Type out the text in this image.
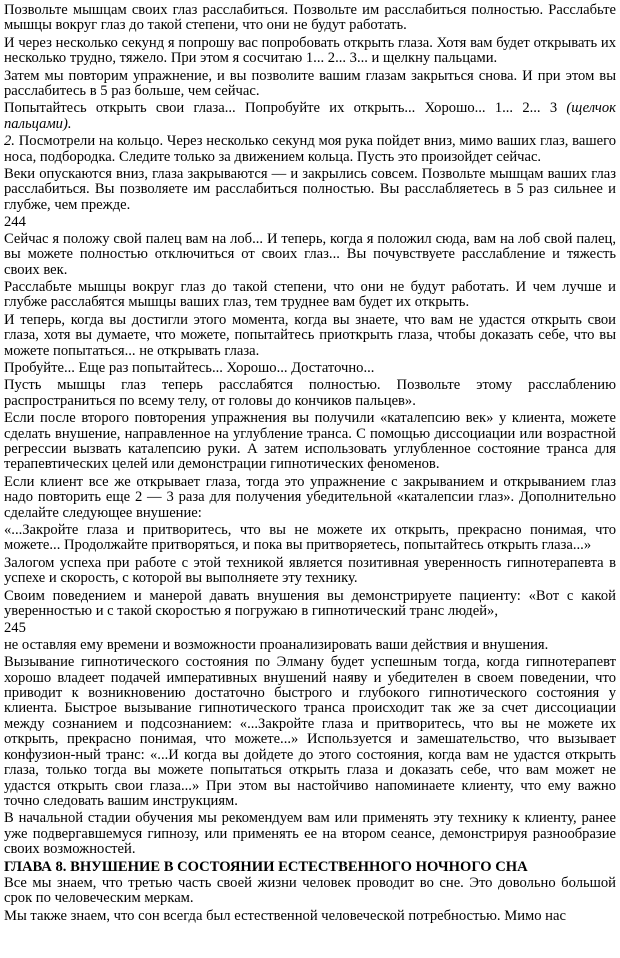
Позвольте мышцам своих глаз расслабиться. Позвольте им расслабиться полностью. Расслабьте мышцы вокруг глаз до такой степени, что они не будут работать.

И через несколько секунд я попрошу вас попробовать открыть глаза. Хотя вам будет открывать их несколько трудно, тяжело. При этом я сосчитаю 1... 2... 3... и щелкну пальцами.

Затем мы повторим упражнение, и вы позволите вашим глазам закрыться снова. И при этом вы расслабитесь в 5 раз больше, чем сейчас.

Попытайтесь открыть свои глаза... Попробуйте их открыть... Хорошо... 1... 2... 3 (щелчок пальцами).

2. Посмотрели на кольцо. Через несколько секунд моя рука пойдет вниз, мимо ваших глаз, вашего носа, подбородка. Следите только за движением кольца. Пусть это произойдет сейчас.

Веки опускаются вниз, глаза закрываются — и закрылись совсем. Позвольте мышцам ваших глаз расслабиться. Вы позволяете им расслабиться полностью. Вы расслабляетесь в 5 раз сильнее и глубже, чем прежде.

244

Сейчас я положу свой палец вам на лоб... И теперь, когда я положил сюда, вам на лоб свой палец, вы можете полностью отключиться от своих глаз... Вы почувствуете расслабление и тяжесть своих век.

Расслабьте мышцы вокруг глаз до такой степени, что они не будут работать. И чем лучше и глубже расслабятся мышцы ваших глаз, тем труднее вам будет их открыть.

И теперь, когда вы достигли этого момента, когда вы знаете, что вам не удастся открыть свои глаза, хотя вы думаете, что можете, попытайтесь приоткрыть глаза, чтобы доказать себе, что вы можете попытаться... не открывать глаза.

Пробуйте... Еще раз попытайтесь... Хорошо... Достаточно...

Пусть мышцы глаз теперь расслабятся полностью. Позвольте этому расслаблению распространиться по всему телу, от головы до кончиков пальцев».

Если после второго повторения упражнения вы получили «каталепсию век» у клиента, можете сделать внушение, направленное на углубление транса. С помощью диссоциации или возрастной регрессии вызвать каталепсию руки. А затем использовать углубленное состояние транса для терапевтических целей или демонстрации гипнотических феноменов.

Если клиент все же открывает глаза, тогда это упражнение с закрыванием и открыванием глаз надо повторить еще 2 — 3 раза для получения убедительной «каталепсии глаз». Дополнительно сделайте следующее внушение:

«...Закройте глаза и притворитесь, что вы не можете их открыть, прекрасно понимая, что можете... Продолжайте притворяться, и пока вы притворяетесь, попытайтесь открыть глаза...»

Залогом успеха при работе с этой техникой является позитивная уверенность гипнотерапевта в успехе и скорость, с которой вы выполняете эту технику.

Своим поведением и манерой давать внушения вы демонстрируете пациенту: «Вот с какой уверенностью и с такой скоростью я погружаю в гипнотический транс людей»,

245

не оставляя ему времени и возможности проанализировать ваши действия и внушения.

Вызывание гипнотического состояния по Элману будет успешным тогда, когда гипнотерапевт хорошо владеет подачей императивных внушений наяву и убедителен в своем поведении, что приводит к возникновению достаточно быстрого и глубокого гипнотического состояния у клиента. Быстрое вызывание гипнотического транса происходит так же за счет диссоциации между сознанием и подсознанием: «...Закройте глаза и притворитесь, что вы не можете их открыть, прекрасно понимая, что можете...» Используется и замешательство, что вызывает конфузион-ный транс: «...И когда вы дойдете до этого состояния, когда вам не удастся открыть глаза, только тогда вы можете попытаться открыть глаза и доказать себе, что вам может не удастся открыть свои глаза...» При этом вы настойчиво напоминаете клиенту, что ему важно точно следовать вашим инструкциям.

В начальной стадии обучения мы рекомендуем вам или применять эту технику к клиенту, ранее уже подвергавшемуся гипнозу, или применять ее на втором сеансе, демонстрируя разнообразие своих возможностей.

ГЛАВА 8. ВНУШЕНИЕ В СОСТОЯНИИ ЕСТЕСТВЕННОГО НОЧНОГО СНА

Все мы знаем, что третью часть своей жизни человек проводит во сне. Это довольно большой срок по человеческим меркам.

Мы также знаем, что сон всегда был естественной человеческой потребностью. Мимо нас
